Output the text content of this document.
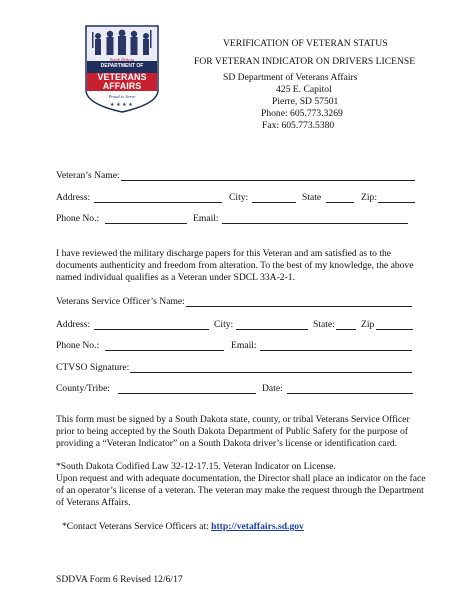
★ ★ ★ ★
South Dakota
DEPARTMENT OF
VETERANS
AFFAIRS
Proud to Serve
VERIFICATION OF VETERAN STATUS
FOR VETERAN INDICATOR ON DRIVERS LICENSE
SD Department of Veterans Affairs
425 E. Capitol
Pierre, SD 57501
Phone: 605.773.3269
Fax: 605.773.5380
Veteran’s Name:
Address:	City:	State	Zip:
Phone No.:	Email:
I have reviewed the military discharge papers for this Veteran and am satisfied as to the
documents authenticity and freedom from alteration. To the best of my knowledge, the above
named individual qualifies as a Veteran under SDCL 33A-2-1.
Veterans Service Officer’s Name:
Address:	City:	State:	Zip
Phone No.:	Email:
CTVSO Signature:
County/Tribe:	Date:
This form must be signed by a South Dakota state, county, or tribal Veterans Service Officer
prior to being accepted by the South Dakota Department of Public Safety for the purpose of
providing a “Veteran Indicator” on a South Dakota driver’s license or identification card.
*South Dakota Codified Law 32-12-17.15. Veteran Indicator on License.
Upon request and with adequate documentation, the Director shall place an indicator on the face
of an operator’s license of a veteran. The veteran may make the request through the Department
of Veterans Affairs.
*Contact Veterans Service Officers at: http://vetaffairs.sd.gov
SDDVA Form 6 Revised 12/6/17
